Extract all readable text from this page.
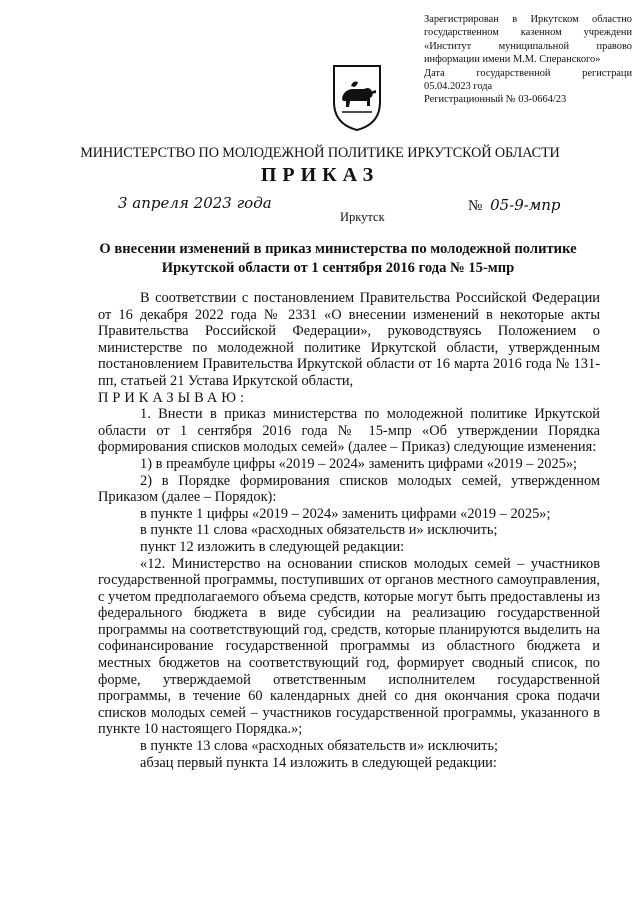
Зарегистрирован в Иркутском областно
государственном казенном учреждени
«Институт муниципальной правово
информации имени М.М. Сперанского»
Дата государственной регистраци
05.04.2023 года
Регистрационный № 03-0664/23
МИНИСТЕРСТВО ПО МОЛОДЕЖНОЙ ПОЛИТИКЕ ИРКУТСКОЙ ОБЛАСТИ
ПРИКАЗ
3 апреля 2023 года
Иркутск
№ 05-9-мпр
О внесении изменений в приказ министерства по молодежной политике
Иркутской области от 1 сентября 2016 года № 15-мпр

В соответствии с постановлением Правительства Российской Федерации от 16 декабря 2022 года № 2331 «О внесении изменений в некоторые акты Правительства Российской Федерации», руководствуясь Положением о министерстве по молодежной политике Иркутской области, утвержденным постановлением Правительства Иркутской области от 16 марта 2016 года № 131-пп, статьей 21 Устава Иркутской области,

ПРИКАЗЫВАЮ:

1. Внести в приказ министерства по молодежной политике Иркутской области от 1 сентября 2016 года № 15-мпр «Об утверждении Порядка формирования списков молодых семей» (далее – Приказ) следующие изменения:

1) в преамбуле цифры «2019 – 2024» заменить цифрами «2019 – 2025»;

2) в Порядке формирования списков молодых семей, утвержденном Приказом (далее – Порядок):

в пункте 1 цифры «2019 – 2024» заменить цифрами «2019 – 2025»;

в пункте 11 слова «расходных обязательств и» исключить;

пункт 12 изложить в следующей редакции:

«12. Министерство на основании списков молодых семей – участников государственной программы, поступивших от органов местного самоуправления, с учетом предполагаемого объема средств, которые могут быть предоставлены из федерального бюджета в виде субсидии на реализацию государственной программы на соответствующий год, средств, которые планируются выделить на софинансирование государственной программы из областного бюджета и местных бюджетов на соответствующий год, формирует сводный список, по форме, утверждаемой ответственным исполнителем государственной программы, в течение 60 календарных дней со дня окончания срока подачи списков молодых семей – участников государственной программы, указанного в пункте 10 настоящего Порядка.»;

в пункте 13 слова «расходных обязательств и» исключить;

абзац первый пункта 14 изложить в следующей редакции:
